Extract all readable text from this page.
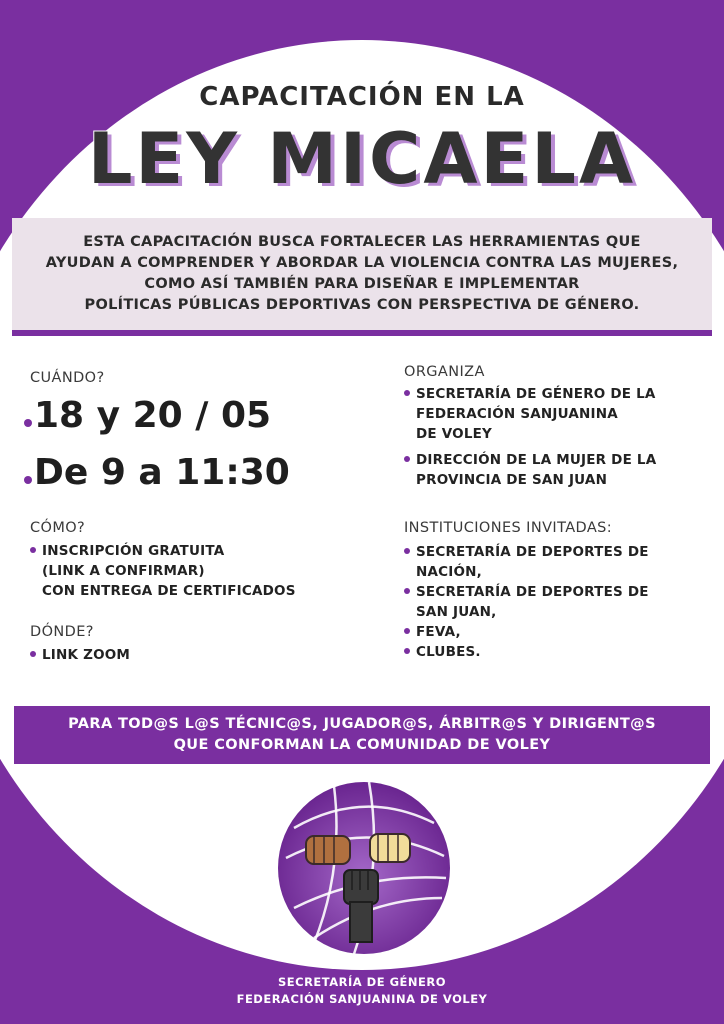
CAPACITACIÓN EN LA
LEY MICAELA
ESTA CAPACITACIÓN BUSCA FORTALECER LAS HERRAMIENTAS QUE
AYUDAN A COMPRENDER Y ABORDAR LA VIOLENCIA CONTRA LAS MUJERES,
COMO ASÍ TAMBIÉN PARA DISEÑAR E IMPLEMENTAR
POLÍTICAS PÚBLICAS DEPORTIVAS CON PERSPECTIVA DE GÉNERO.
CUÁNDO?
18 y 20 / 05
De 9 a 11:30
CÓMO?
INSCRIPCIÓN GRATUITA
(LINK A CONFIRMAR)
CON ENTREGA DE CERTIFICADOS
DÓNDE?
LINK ZOOM
ORGANIZA
SECRETARÍA DE GÉNERO DE LA
FEDERACIÓN SANJUANINA
DE VOLEY
DIRECCIÓN DE LA MUJER DE LA
PROVINCIA DE SAN JUAN
INSTITUCIONES INVITADAS:
SECRETARÍA DE DEPORTES DE
NACIÓN,
SECRETARÍA DE DEPORTES DE
SAN JUAN,
FEVA,
CLUBES.
PARA TOD@S L@S TÉCNIC@S, JUGADOR@S, ÁRBITR@S Y DIRIGENT@S
QUE CONFORMAN LA COMUNIDAD DE VOLEY
SECRETARÍA DE GÉNERO
FEDERACIÓN SANJUANINA DE VOLEY
